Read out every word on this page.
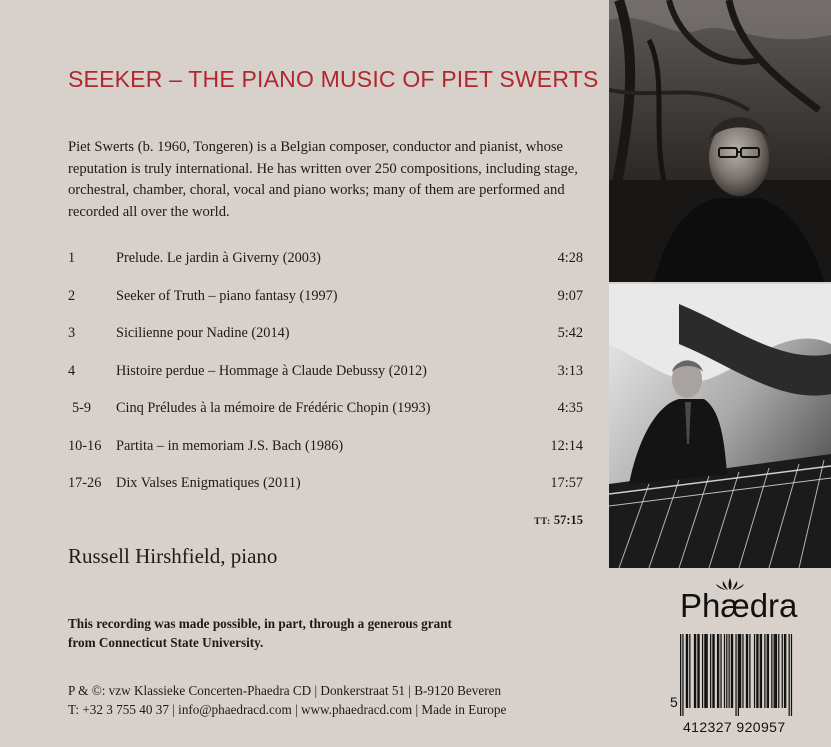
SEEKER – THE PIANO MUSIC OF PIET SWERTS
Piet Swerts (b. 1960, Tongeren) is a Belgian composer, conductor and pianist, whose reputation is truly international. He has written over 250 compositions, including stage, orchestral, chamber, choral, vocal and piano works; many of them are performed and recorded all over the world.
1	Prelude. Le jardin à Giverny (2003)	4:28
2	Seeker of Truth – piano fantasy (1997)	9:07
3	Sicilienne pour Nadine (2014)	5:42
4	Histoire perdue – Hommage à Claude Debussy (2012)	3:13
5-9 Cinq Préludes à la mémoire de Frédéric Chopin (1993)	4:35
10-16 Partita – in memoriam J.S. Bach (1986)	12:14
17-26 Dix Valses Enigmatiques (2011)	17:57
TT: 57:15
Russell Hirshfield, piano
This recording was made possible, in part, through a generous grant
from Connecticut State University.
P & ©: vzw Klassieke Concerten-Phaedra CD | Donkerstraat 51 | B-9120 Beveren
T: +32 3 755 40 37 | info@phaedracd.com | www.phaedracd.com | Made in Europe
Phædra
5
412327 920957
